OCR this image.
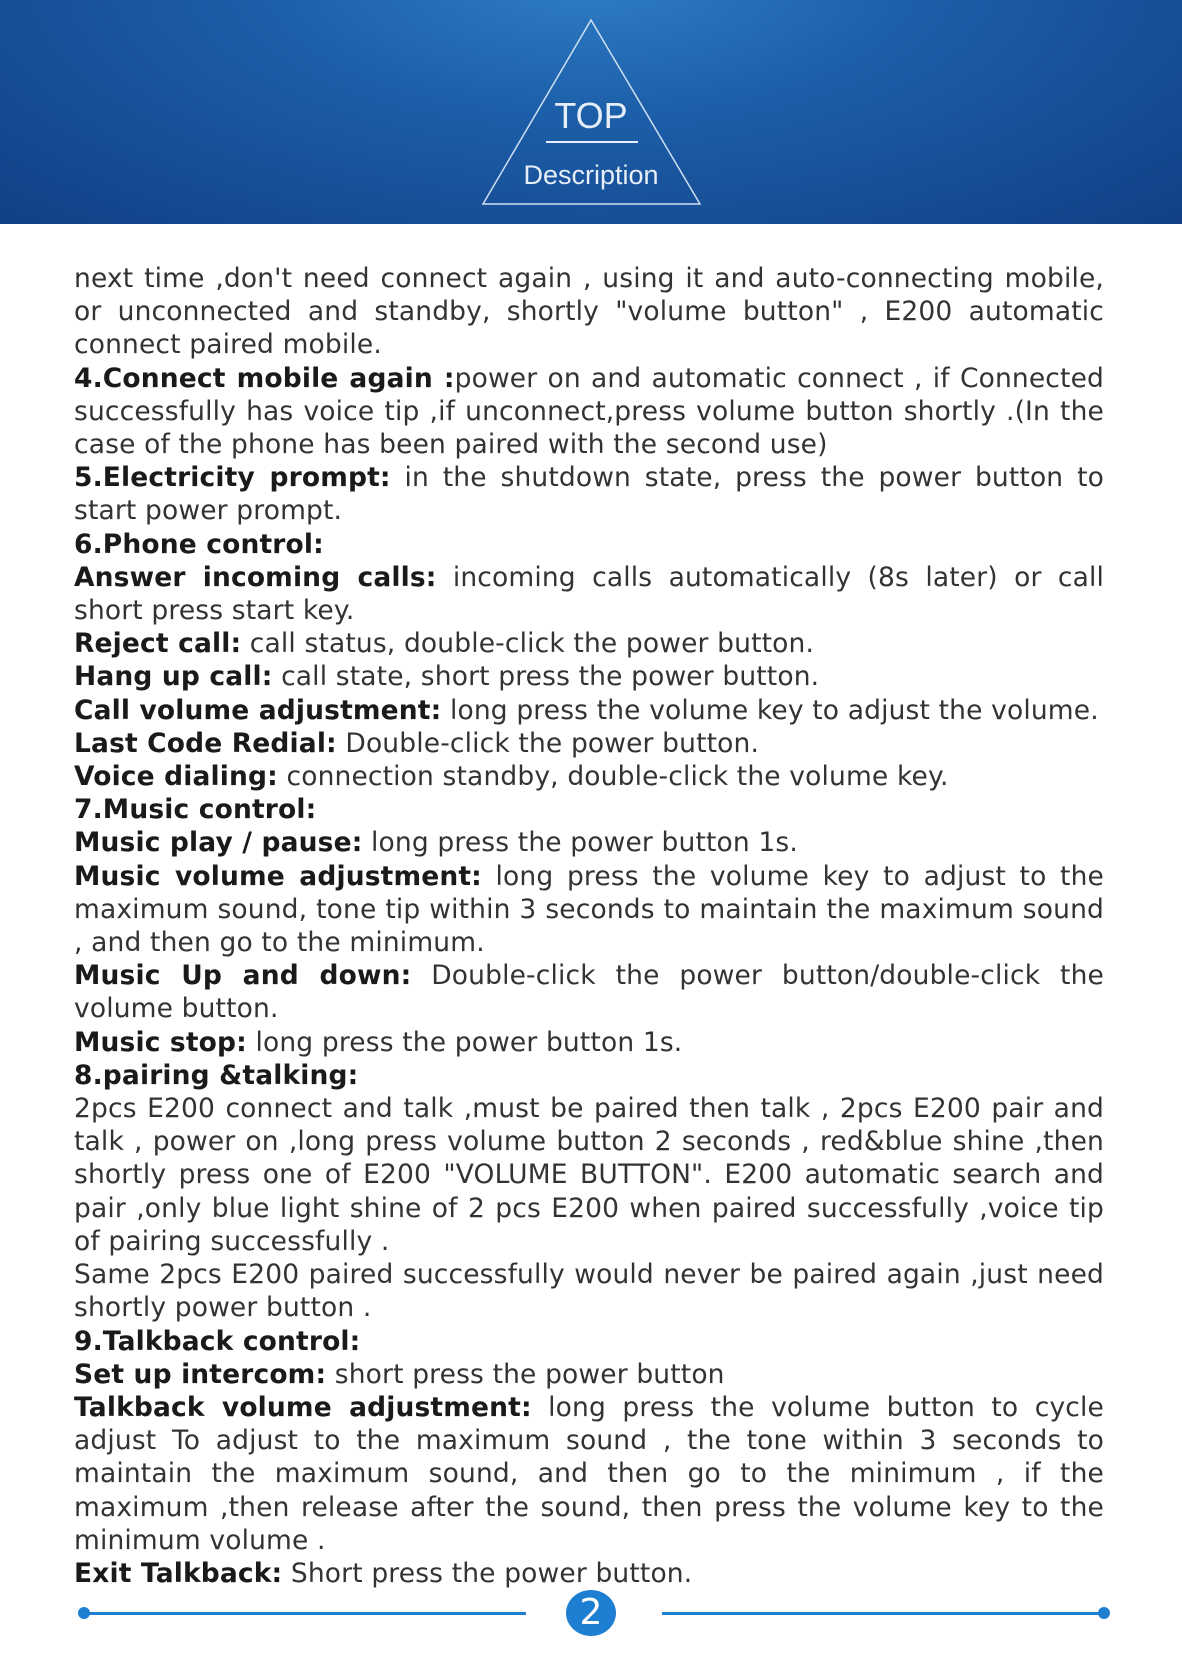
TOP
Description

next time ,don't need connect again , using it and auto-connecting mobile, or unconnected and standby, shortly "volume button" , E200 automatic connect paired mobile.

4.Connect mobile again :power on and automatic connect , if Connected successfully has voice tip ,if unconnect,press volume button shortly .(In the case of the phone has been paired with the second use)

5.Electricity prompt: in the shutdown state, press the power button to start power prompt.

6.Phone control:

Answer incoming calls: incoming calls automatically (8s later) or call short press start key.

Reject call: call status, double-click the power button.

Hang up call: call state, short press the power button.

Call volume adjustment: long press the volume key to adjust the volume.

Last Code Redial: Double-click the power button.

Voice dialing: connection standby, double-click the volume key.

7.Music control:

Music play / pause: long press the power button 1s.

Music volume adjustment: long press the volume key to adjust to the maximum sound, tone tip within 3 seconds to maintain the maximum sound , and then go to the minimum.

Music Up and down: Double-click the power button/double-click the volume button.

Music stop: long press the power button 1s.

8.pairing &talking:

2pcs E200 connect and talk ,must be paired then talk , 2pcs E200 pair and talk , power on ,long press volume button 2 seconds , red&blue shine ,then shortly press one of E200 "VOLUME BUTTON". E200 automatic search and pair ,only blue light shine of 2 pcs E200 when paired successfully ,voice tip of pairing successfully .

Same 2pcs E200 paired successfully would never be paired again ,just need shortly power button .

9.Talkback control:

Set up intercom: short press the power button

Talkback volume adjustment: long press the volume button to cycle adjust To adjust to the maximum sound , the tone within 3 seconds to maintain the maximum sound, and then go to the minimum , if the maximum ,then release after the sound, then press the volume key to the minimum volume .

Exit Talkback: Short press the power button.

2
